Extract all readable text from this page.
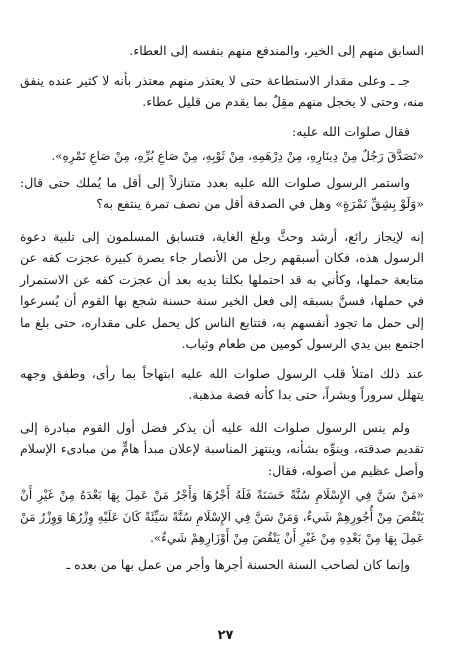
السابق منهم إلى الخير، والمندفع منهم بنفسه إلى العطاء.

جـ ـ وعلى مقدار الاستطاعة حتى لا يعتذر منهم معتذر بأنه لا كثير عنده ينفق منه، وحتى لا يخجل منهم مقِلٌ بما يقدم من قليل عطاء.

فقال صلوات الله عليه:

«تَصَدَّقَ رَجُلٌ مِنْ دِينَارِهِ، مِنْ دِرْهَمِهِ، مِنْ ثَوْبِهِ، مِنْ صَاعِ بُرِّهِ، مِنْ صَاعِ تَمْرِهِ».

واستمر الرسول صلوات الله عليه بعدد متنازلاً إلى أقل ما يُملك حتى قال: «وَلَوْ بِشِقِّ تَمْرَةٍ» وهل في الصدقة أقل من نصف تمرة ينتفع به؟

إنه لإيجاز رائع، أرشد وحثَّ وبلغ الغاية، فتسابق المسلمون إلى تلبية دعوة الرسول هذه، فكان أسبقهم رجل من الأنصار جاء بصرة كبيرة عجزت كفه عن متابعة حملها، وكأني به قد احتملها بكلتا يديه بعد أن عجزت كفه عن الاستمرار في حملها، فسنَّ بسبقه إلى فعل الخير سنة حسنة شجع بها القوم أن يُسرعوا إلى حمل ما تجود أنفسهم به، فتتابع الناس كل يحمل على مقداره، حتى بلغ ما اجتمع بين يدي الرسول كومين من طعام وثياب.

عند ذلك امتلأ قلب الرسول صلوات الله عليه ابتهاجاً بما رأى، وطفق وجهه يتهلل سروراً وبشراً، حتى بدا كأنه فضة مذهبة.

ولم ينس الرسول صلوات الله عليه أن يذكر فضل أول القوم مبادرة إلى تقديم صدقته، وينوِّه بشأنه، وينتهز المناسبة لإعلان مبدأ هامٍّ من مبادىء الإسلام وأصل عظيم من أصوله، فقال:

«مَنْ سَنَّ فِي الإِسْلَامِ سُنَّةً حَسَنَةً فَلَهُ أَجْرُهَا وَأَجْرُ مَنْ عَمِلَ بِهَا بَعْدَهُ مِنْ غَيْرِ أَنْ يَنْقُصَ مِنْ أُجُورِهِمْ شَيءٌ، وَمَنْ سَنَّ فِي الإِسْلَامِ سُنَّةً سَيِّئَةً كَانَ عَلَيْهِ وِزْرُهَا وَوِزْرُ مَنْ عَمِلَ بِهَا مِنْ بَعْدِهِ مِنْ غَيْرِ أَنْ يَنْقُصَ مِنْ أَوْزَارِهِمْ شَيءٌ».

وإنما كان لصاحب السنة الحسنة أجرها وأجر من عمل بها من بعده ـ

٢٧
